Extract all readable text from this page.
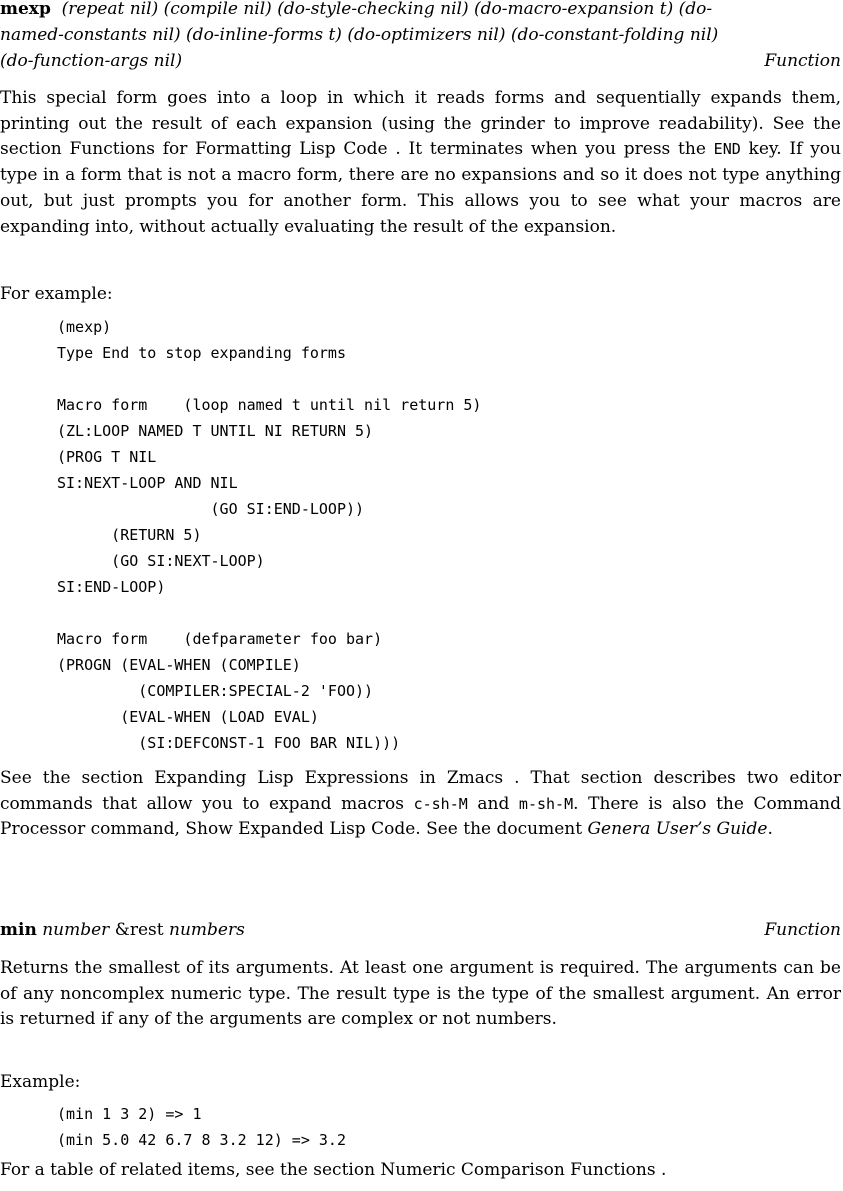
mexp (repeat nil) (compile nil) (do-style-checking nil) (do-macro-expansion t) (do-
named-constants nil) (do-inline-forms t) (do-optimizers nil) (do-constant-folding nil)
(do-function-args nil)	Function
This special form goes into a loop in which it reads forms and sequentially expands them, printing out the result of each expansion (using the grinder to improve readability). See the section Functions for Formatting Lisp Code . It terminates when you press the END key. If you type in a form that is not a macro form, there are no expansions and so it does not type anything out, but just prompts you for another form. This allows you to see what your macros are expanding into, without actually evaluating the result of the expansion.
For example:
(mexp)
Type End to stop expanding forms

Macro form    (loop named t until nil return 5)
(ZL:LOOP NAMED T UNTIL NI RETURN 5)
(PROG T NIL
SI:NEXT-LOOP AND NIL
(GO SI:END-LOOP))
(RETURN 5)
(GO SI:NEXT-LOOP)
SI:END-LOOP)

Macro form    (defparameter foo bar)
(PROGN (EVAL-WHEN (COMPILE)
(COMPILER:SPECIAL-2 'FOO))
(EVAL-WHEN (LOAD EVAL)
(SI:DEFCONST-1 FOO BAR NIL)))
See the section Expanding Lisp Expressions in Zmacs . That section describes two editor commands that allow you to expand macros c-sh-M and m-sh-M. There is also the Command Processor command, Show Expanded Lisp Code. See the document Genera User’s Guide.
min number &rest numbers	Function
Returns the smallest of its arguments. At least one argument is required. The arguments can be of any noncomplex numeric type. The result type is the type of the smallest argument. An error is returned if any of the arguments are complex or not numbers.
Example:
(min 1 3 2) => 1
(min 5.0 42 6.7 8 3.2 12) => 3.2
For a table of related items, see the section Numeric Comparison Functions .
